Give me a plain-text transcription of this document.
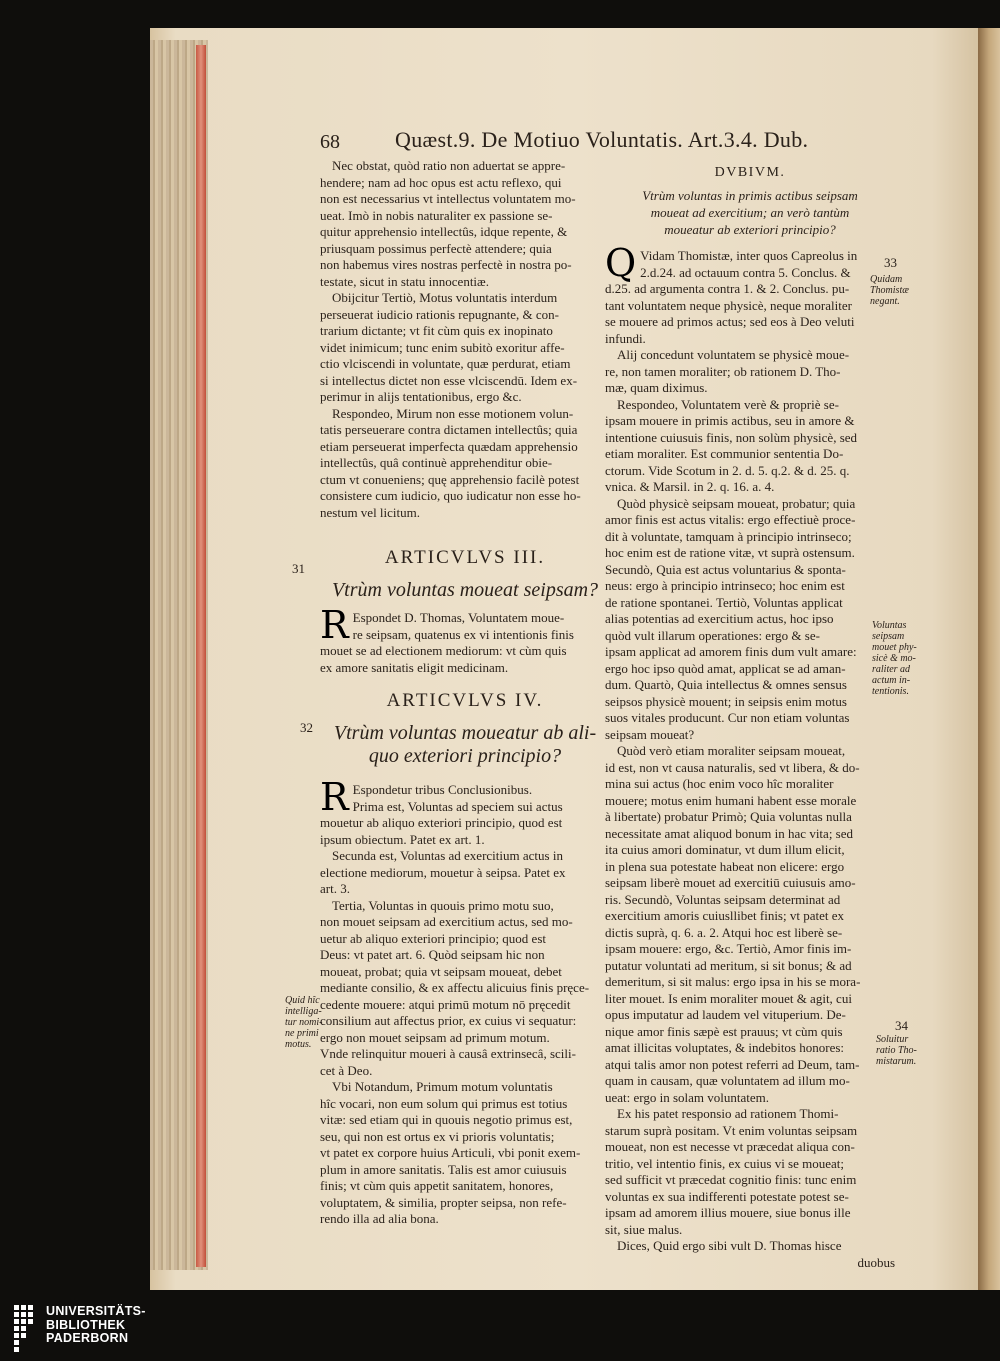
68	Quæst.9. De Motiuo Voluntatis. Art.3.4. Dub.
Nec obstat, quòd ratio non aduertat se appre-
hendere; nam ad hoc opus est actu reflexo, qui
non est necessarius vt intellectus voluntatem mo-
ueat. Imò in nobis naturaliter ex passione se-
quitur apprehensio intellectûs, idque repente, &
priusquam possimus perfectè attendere; quia
non habemus vires nostras perfectè in nostra po-
testate, sicut in statu innocentiæ.
Obijcitur Tertiò, Motus voluntatis interdum
perseuerat iudicio rationis repugnante, & con-
trarium dictante; vt fit cùm quis ex inopinato
videt inimicum; tunc enim subitò exoritur affe-
ctio vlciscendi in voluntate, quæ perdurat, etiam
si intellectus dictet non esse vlciscendū. Idem ex-
perimur in alijs tentationibus, ergo &c.
Respondeo, Mirum non esse motionem volun-
tatis perseuerare contra dictamen intellectûs; quia
etiam perseuerat imperfecta quædam apprehensio
intellectûs, quâ continuè apprehenditur obie-
ctum vt conueniens; quę apprehensio facilè potest
consistere cum iudicio, quo iudicatur non esse ho-
nestum vel licitum.
ARTICVLVS III.
Vtrùm voluntas moueat seipsam?
R Espondet D. Thomas, Voluntatem moue-
re seipsam, quatenus ex vi intentionis finis
mouet se ad electionem mediorum: vt cùm quis
ex amore sanitatis eligit medicinam.
ARTICVLVS IV.
Vtrùm voluntas moueatur ab ali-
quo exteriori principio?
R Espondetur tribus Conclusionibus.
Prima est, Voluntas ad speciem sui actus
mouetur ab aliquo exteriori principio, quod est
ipsum obiectum. Patet ex art. 1.
Secunda est, Voluntas ad exercitium actus in
electione mediorum, mouetur à seipsa. Patet ex
art. 3.
Tertia, Voluntas in quouis primo motu suo,
non mouet seipsam ad exercitium actus, sed mo-
uetur ab aliquo exteriori principio; quod est
Deus: vt patet art. 6. Quòd seipsam hic non
moueat, probat; quia vt seipsam moueat, debet
mediante consilio, & ex affectu alicuius finis pręce-
cedente mouere: atqui primū motum nō pręcedit
consilium aut affectus prior, ex cuius vi sequatur:
ergo non mouet seipsam ad primum motum.
Vnde relinquitur moueri à causâ extrinsecâ, scili-
cet à Deo.
Vbi Notandum, Primum motum voluntatis
hîc vocari, non eum solum qui primus est totius
vitæ: sed etiam qui in quouis negotio primus est,
seu, qui non est ortus ex vi prioris voluntatis;
vt patet ex corpore huius Articuli, vbi ponit exem-
plum in amore sanitatis. Talis est amor cuiusuis
finis; vt cùm quis appetit sanitatem, honores,
voluptatem, & similia, propter seipsa, non refe-
rendo illa ad alia bona.
DVBIVM.
Vtrùm voluntas in primis actibus seipsam
moueat ad exercitium; an verò tantùm
moueatur ab exteriori principio?
Q Vidam Thomistæ, inter quos Capreolus in
2.d.24. ad octauum contra 5. Conclus. &
d.25. ad argumenta contra 1. & 2. Conclus. pu-
tant voluntatem neque physicè, neque moraliter
se mouere ad primos actus; sed eos à Deo veluti
infundi.
Alij concedunt voluntatem se physicè moue-
re, non tamen moraliter; ob rationem D. Tho-
mæ, quam diximus.
Respondeo, Voluntatem verè & propriè se-
ipsam mouere in primis actibus, seu in amore &
intentione cuiusuis finis, non solùm physicè, sed
etiam moraliter. Est communior sententia Do-
ctorum. Vide Scotum in 2. d. 5. q.2. & d. 25. q.
vnica. & Marsil. in 2. q. 16. a. 4.
Quòd physicè seipsam moueat, probatur; quia
amor finis est actus vitalis: ergo effectiuè proce-
dit à voluntate, tamquam à principio intrinseco;
hoc enim est de ratione vitæ, vt suprà ostensum.
Secundò, Quia est actus voluntarius & sponta-
neus: ergo à principio intrinseco; hoc enim est
de ratione spontanei. Tertiò, Voluntas applicat
alias potentias ad exercitium actus, hoc ipso
quòd vult illarum operationes: ergo & se-
ipsam applicat ad amorem finis dum vult amare:
ergo hoc ipso quòd amat, applicat se ad aman-
dum. Quartò, Quia intellectus & omnes sensus
seipsos physicè mouent; in seipsis enim motus
suos vitales producunt. Cur non etiam voluntas
seipsam moueat?
Quòd verò etiam moraliter seipsam moueat,
id est, non vt causa naturalis, sed vt libera, & do-
mina sui actus (hoc enim voco hîc moraliter
mouere; motus enim humani habent esse morale
à libertate) probatur Primò; Quia voluntas nulla
necessitate amat aliquod bonum in hac vita; sed
ita cuius amori dominatur, vt dum illum elicit,
in plena sua potestate habeat non elicere: ergo
seipsam liberè mouet ad exercitiū cuiusuis amo-
ris. Secundò, Voluntas seipsam determinat ad
exercitium amoris cuiusllibet finis; vt patet ex
dictis suprà, q. 6. a. 2. Atqui hoc est liberè se-
ipsam mouere: ergo, &c. Tertiò, Amor finis im-
putatur voluntati ad meritum, si sit bonus; & ad
demeritum, si sit malus: ergo ipsa in his se mora-
liter mouet. Is enim moraliter mouet & agit, cui
opus imputatur ad laudem vel vituperium. De-
nique amor finis sæpè est prauus; vt cùm quis
amat illicitas voluptates, & indebitos honores:
atqui talis amor non potest referri ad Deum, tam-
quam in causam, quæ voluntatem ad illum mo-
ueat: ergo in solam voluntatem.
Ex his patet responsio ad rationem Thomi-
starum suprà positam. Vt enim voluntas seipsam
moueat, non est necesse vt præcedat aliqua con-
tritio, vel intentio finis, ex cuius vi se moueat;
sed sufficit vt præcedat cognitio finis: tunc enim
voluntas ex sua indifferenti potestate potest se-
ipsam ad amorem illius mouere, siue bonus ille
sit, siue malus.
Dices, Quid ergo sibi vult D. Thomas hisce
duobus
31
32
33
34
Quidam
Thomistæ
negant.
Voluntas
seipsam
mouet phy-
sicè & mo-
raliter ad
actum in-
tentionis.
Quid hîc
intelliga-
tur nomi-
ne primi
motus.	Soluitur
ratio Tho-
mistarum.
UNIVERSITÄTS-
BIBLIOTHEK
PADERBORN
